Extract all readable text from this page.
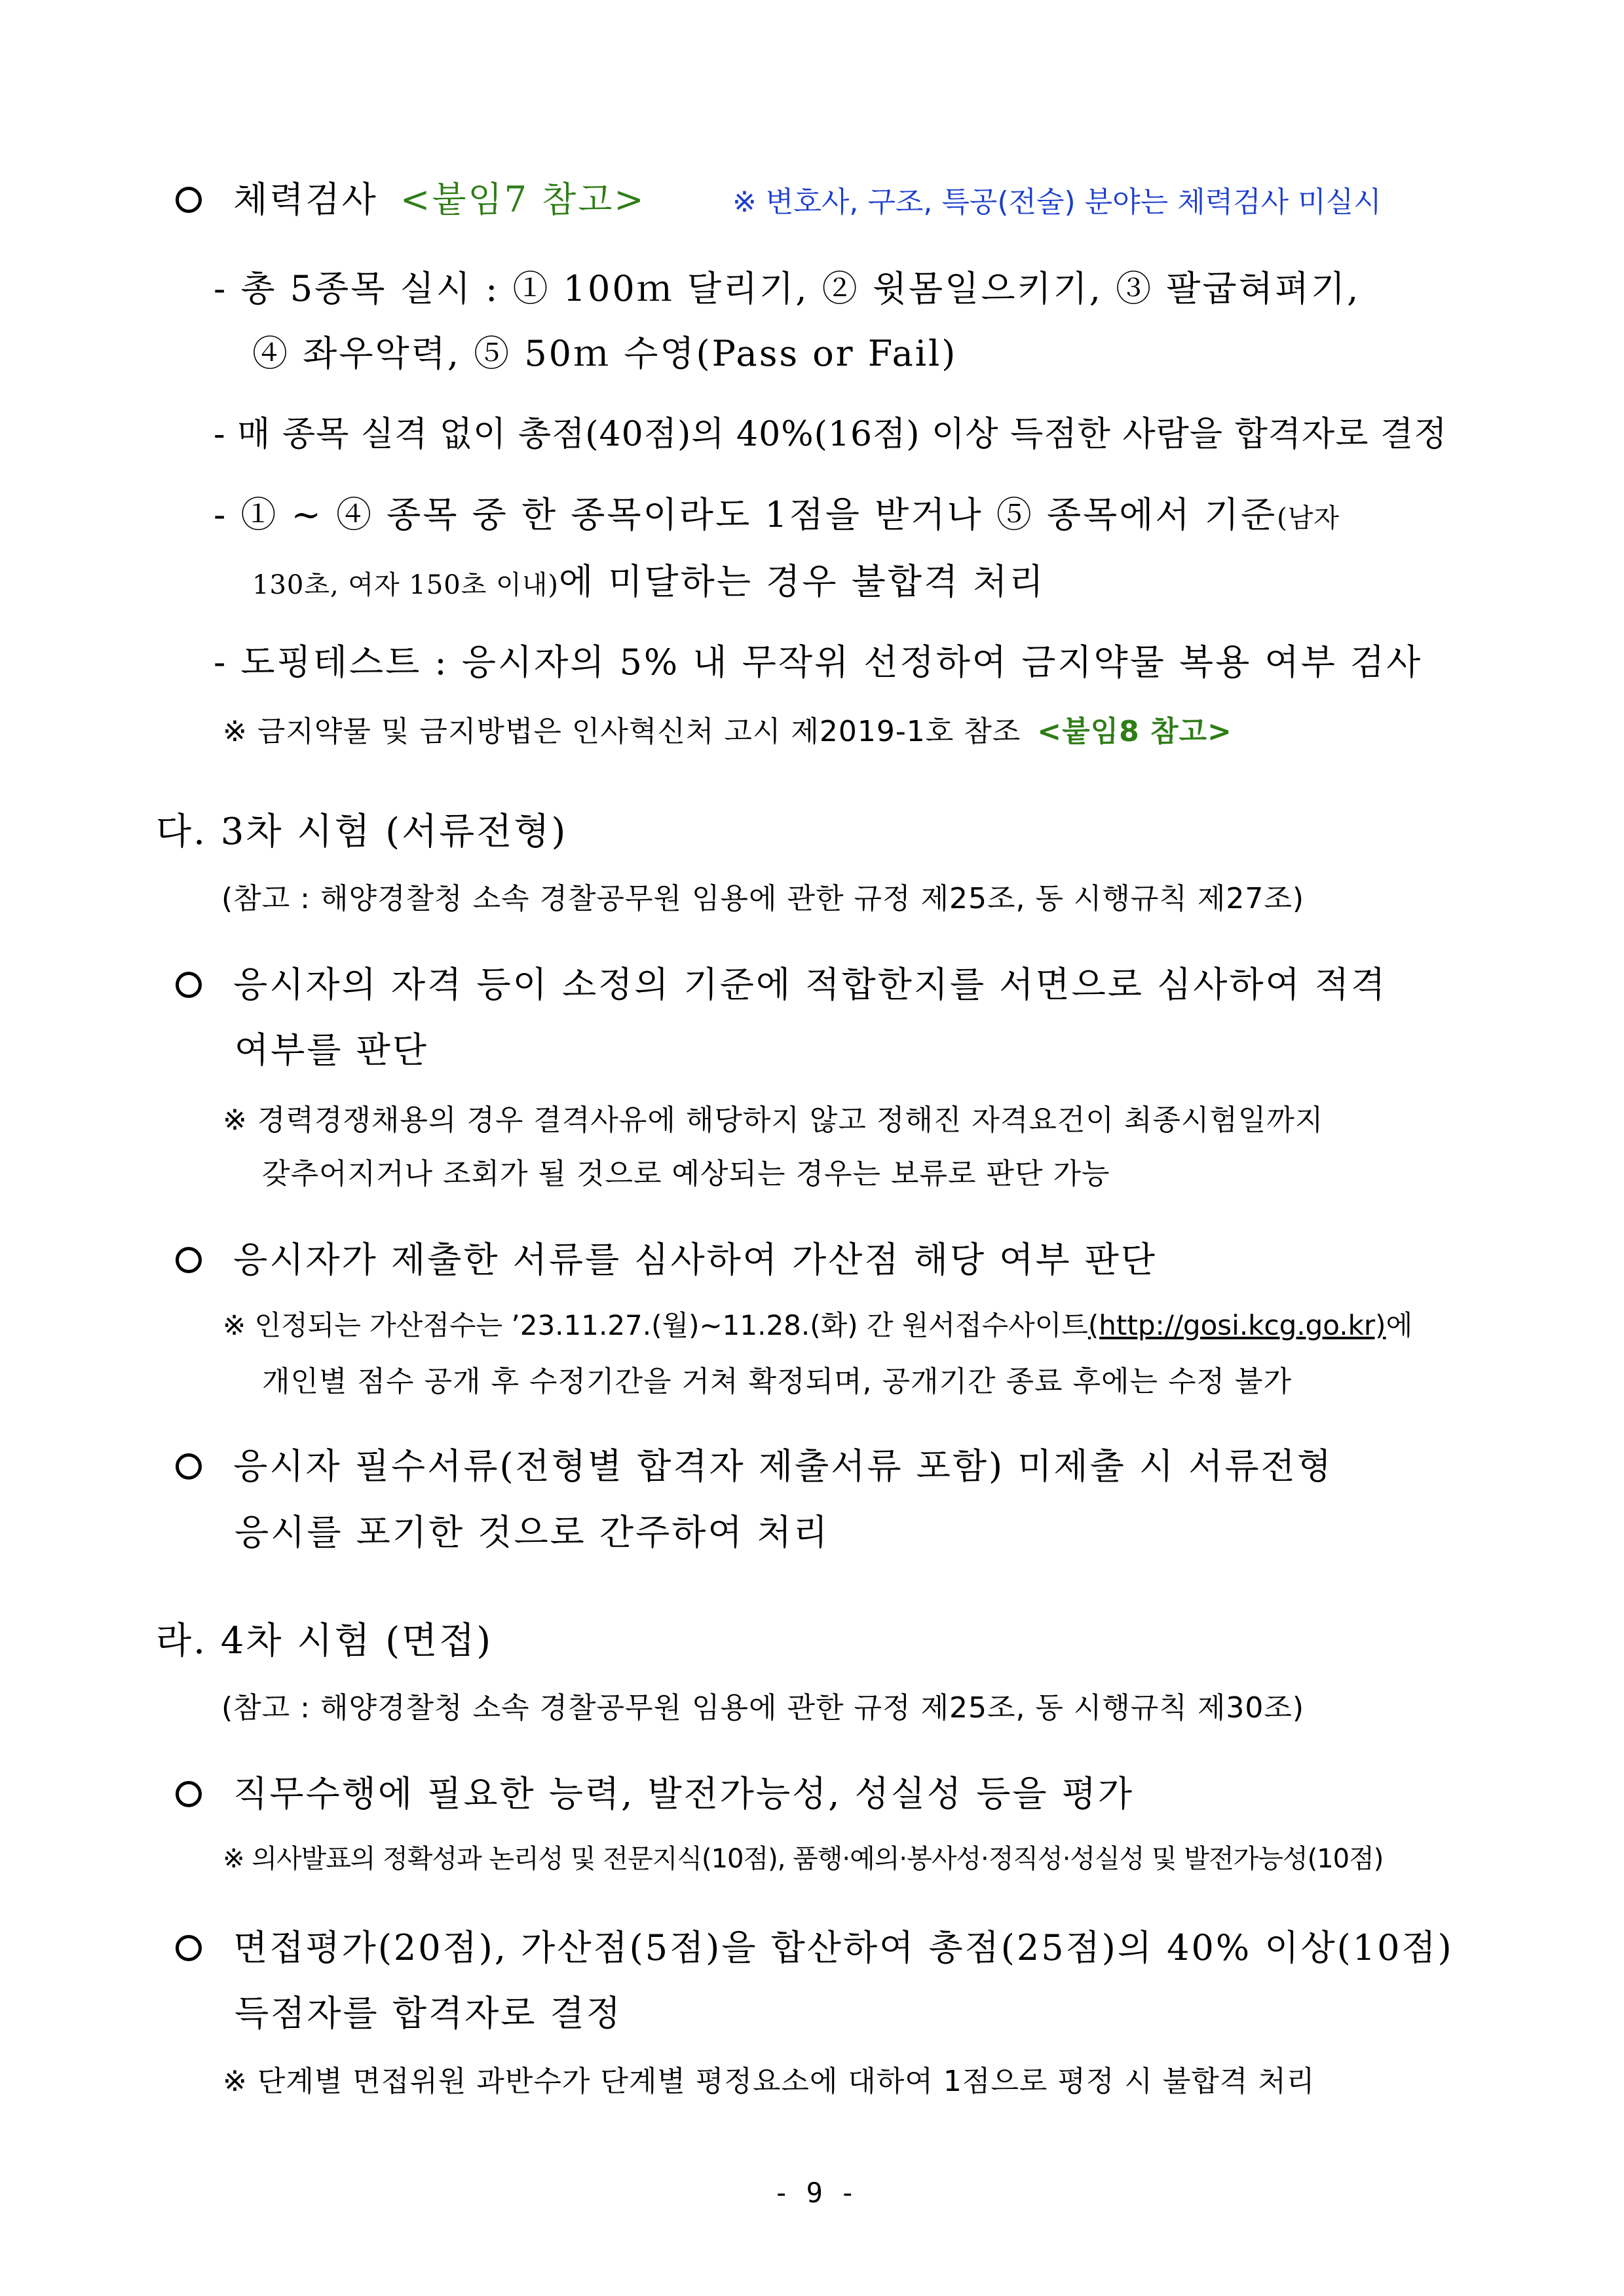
체력검사 <붙임7 참고>	※ 변호사, 구조, 특공(전술) 분야는 체력검사 미실시
- 총 5종목 실시 : ① 100ｍ 달리기, ② 윗몸일으키기, ③ 팔굽혀펴기,
④ 좌우악력, ⑤ 50ｍ 수영(Pass or Fail)
- 매 종목 실격 없이 총점(40점)의 40%(16점) 이상 득점한 사람을 합격자로 결정
- ① ~ ④ 종목 중 한 종목이라도 1점을 받거나 ⑤ 종목에서 기준(남자
130초, 여자 150초 이내)에 미달하는 경우 불합격 처리
- 도핑테스트 : 응시자의 5% 내 무작위 선정하여 금지약물 복용 여부 검사
※ 금지약물 및 금지방법은 인사혁신처 고시 제2019-1호 참조 <붙임8 참고>
다. 3차 시험 (서류전형)
(참고 : 해양경찰청 소속 경찰공무원 임용에 관한 규정 제25조, 동 시행규칙 제27조)
응시자의 자격 등이 소정의 기준에 적합한지를 서면으로 심사하여 적격
여부를 판단
※ 경력경쟁채용의 경우 결격사유에 해당하지 않고 정해진 자격요건이 최종시험일까지
갖추어지거나 조회가 될 것으로 예상되는 경우는 보류로 판단 가능
응시자가 제출한 서류를 심사하여 가산점 해당 여부 판단
※ 인정되는 가산점수는 ’23.11.27.(월)~11.28.(화) 간 원서접수사이트(http://gosi.kcg.go.kr)에
개인별 점수 공개 후 수정기간을 거쳐 확정되며, 공개기간 종료 후에는 수정 불가
응시자 필수서류(전형별 합격자 제출서류 포함) 미제출 시 서류전형
응시를 포기한 것으로 간주하여 처리
라. 4차 시험 (면접)
(참고 : 해양경찰청 소속 경찰공무원 임용에 관한 규정 제25조, 동 시행규칙 제30조)
직무수행에 필요한 능력, 발전가능성, 성실성 등을 평가
※ 의사발표의 정확성과 논리성 및 전문지식(10점), 품행·예의·봉사성·정직성·성실성 및 발전가능성(10점)
면접평가(20점), 가산점(5점)을 합산하여 총점(25점)의 40% 이상(10점)
득점자를 합격자로 결정
※ 단계별 면접위원 과반수가 단계별 평정요소에 대하여 1점으로 평정 시 불합격 처리
- 9 -
